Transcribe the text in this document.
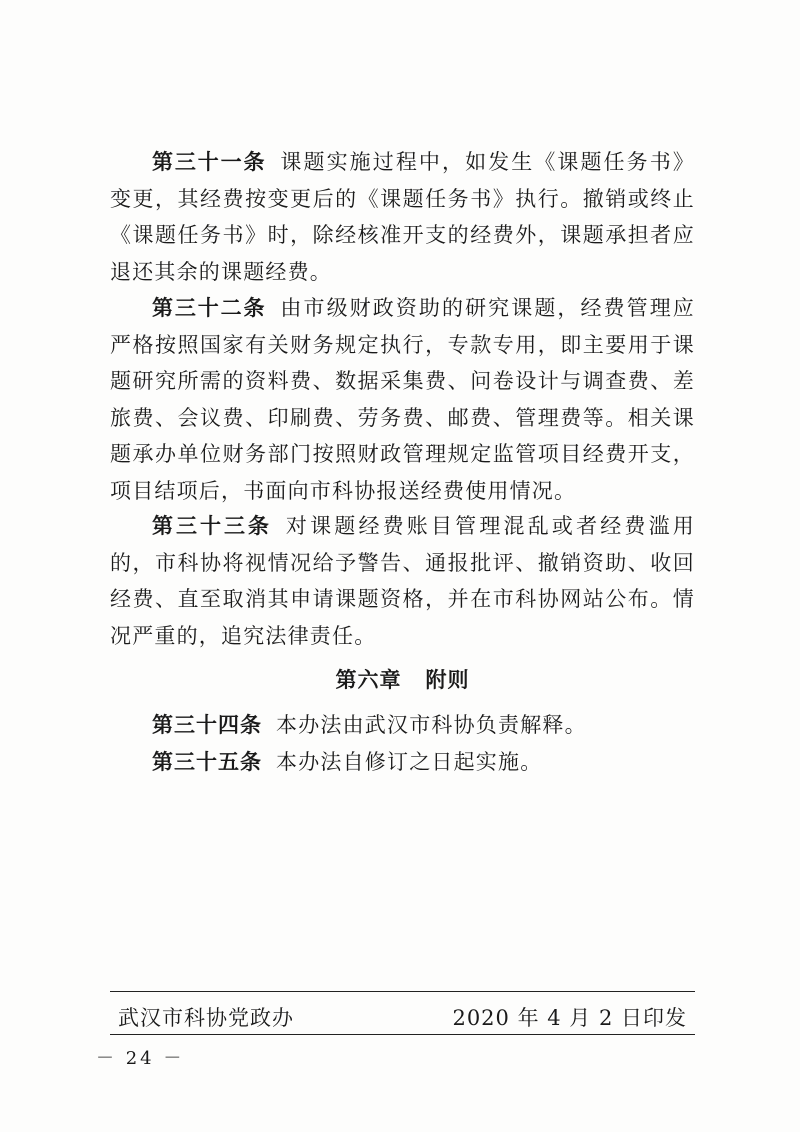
第三十一条 课题实施过程中，如发生《课题任务书》变更，其经费按变更后的《课题任务书》执行。撤销或终止《课题任务书》时，除经核准开支的经费外，课题承担者应退还其余的课题经费。

第三十二条 由市级财政资助的研究课题，经费管理应严格按照国家有关财务规定执行，专款专用，即主要用于课题研究所需的资料费、数据采集费、问卷设计与调查费、差旅费、会议费、印刷费、劳务费、邮费、管理费等。相关课题承办单位财务部门按照财政管理规定监管项目经费开支，项目结项后，书面向市科协报送经费使用情况。

第三十三条 对课题经费账目管理混乱或者经费滥用的，市科协将视情况给予警告、通报批评、撤销资助、收回经费、直至取消其申请课题资格，并在市科协网站公布。情况严重的，追究法律责任。

第六章 附则

第三十四条 本办法由武汉市科协负责解释。

第三十五条 本办法自修订之日起实施。

武汉市科协党政办	2020 年 4 月 2 日印发
－ 24 －
